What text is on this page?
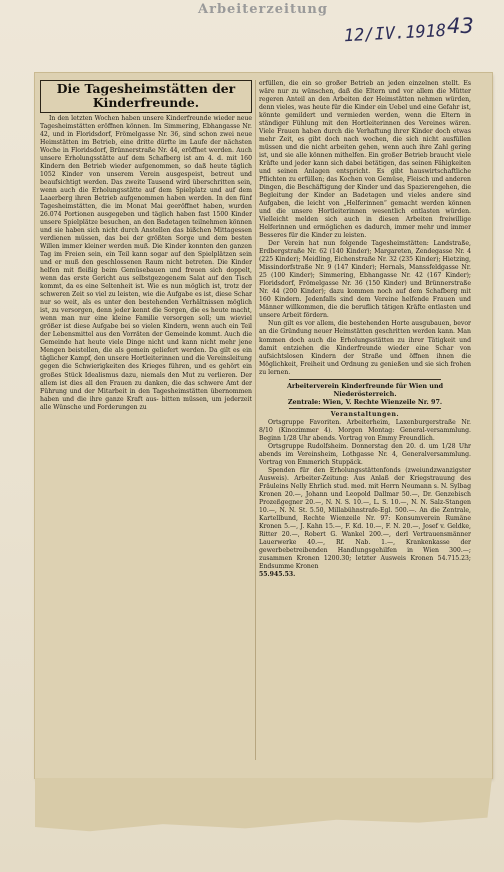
Arbeiterzeitung
12/IV.1918 43
Die Tagesheimstätten der Kinderfreunde.

In den letzten Wochen haben unsere Kinderfreunde wieder neue Tagesheimstätten eröffnen können. Im Simmering, Ebhangasse Nr. 42, und in Floridsdorf, Frömelgasse Nr. 36, sind schon zwei neue Heimstätten im Betrieb, eine dritte dürfte im Laufe der nächsten Woche in Floridsdorf, Brünnerstraße Nr. 44, eröffnet werden. Auch unsere Erholungsstätte auf dem Schafberg ist am 4. d. mit 160 Kindern den Betrieb wieder aufgenommen, so daß heute täglich 1052 Kinder von unserem Verein ausgespeist, betreut und beaufsichtigt werden. Das zweite Tausend wird überschritten sein, wenn auch die Erholungsstätte auf dem Spielplatz und auf dem Laaerberg ihren Betrieb aufgenommen haben werden. In den fünf Tagesheimstätten, die im Monat Mai geeröffnet haben, wurden 26.074 Portionen ausgegeben und täglich haben fast 1500 Kinder unsere Spielplätze besuchen, an den Badetagen teilnehmen können und sie haben sich nicht durch Anstellen das bißchen Mittagessen verdienen müssen, das bei der größten Sorge und dem besten Willen immer kleiner werden muß. Die Kinder konnten den ganzen Tag im Freien sein, ein Teil kann sogar auf den Spielplätzen sein und er muß den geschlossenen Raum nicht betreten. Die Kinder helfen mit fleißig beim Gemüsebauen und freuen sich doppelt, wenn das erste Gericht aus selbstgezogenem Salat auf den Tisch kommt, da es eine Seltenheit ist. Wie es nun möglich ist, trotz der schweren Zeit so viel zu leisten, wie die Aufgabe es ist, diese Schar nur so weit, als es unter den bestehenden Verhältnissen möglich ist, zu versorgen, denn jeder kennt die Sorgen, die es heute macht, wenn man nur eine kleine Familie versorgen soll; um wieviel größer ist diese Aufgabe bei so vielen Kindern, wenn auch ein Teil der Lebensmittel aus den Vorräten der Gemeinde kommt. Auch die Gemeinde hat heute viele Dinge nicht und kann nicht mehr jene Mengen beistellen, die als gemein geliefert werden. Da gilt es ein täglicher Kampf, den unsere Hortleiterinnen und die Vereinsleitung gegen die Schwierigkeiten des Krieges führen, und es gehört ein großes Stück Idealismus dazu, niemals den Mut zu verlieren. Der allem ist dies all den Frauen zu danken, die das schwere Amt der Führung und der Mitarbeit in den Tagesheimstätten übernommen haben und die ihre ganze Kraft aus- bitten müssen, um jederzeit alle Wünsche und Forderungen zu

erfüllen, die ein so großer Betrieb an jeden einzelnen stellt. Es wäre nur zu wünschen, daß die Eltern und vor allem die Mütter regeren Anteil an den Arbeiten der Heimstätten nehmen würden, denn vieles, was heute für die Kinder ein Uebel und eine Gefahr ist, könnte gemildert und vermieden werden, wenn die Eltern in ständiger Fühlung mit den Hortleiterinnen des Vereines wären. Viele Frauen haben durch die Verhaftung ihrer Kinder doch etwas mehr Zeit, es gibt doch nach wochen, die sich nicht ausfüllen müssen und die nicht arbeiten gehen, wenn auch ihre Zahl gering ist, und sie alle können mithelfen. Ein großer Betrieb braucht viele Kräfte und jeder kann sich dabei betätigen, das seinen Fähigkeiten und seinen Anlagen entspricht. Es gibt hauswirtschaftliche Pflichten zu erfüllen; das Kochen von Gemüse, Fleisch und anderen Dingen, die Beschäftigung der Kinder und das Spazierengehen, die Begleitung der Kinder an Badetagen und vieles andere sind Aufgaben, die leicht von „Helferinnen“ gemacht werden können und die unsere Hortleiterinnen wesentlich entlasten würden. Vielleicht melden sich auch in diesen Arbeiten freiwillige Helferinnen und ermöglichen es dadurch, immer mehr und immer Besseres für die Kinder zu leisten.

Der Verein hat nun folgende Tagesheimstätten: Landstraße, Erdbergstraße Nr. 62 (140 Kinder); Margareten, Zendegasse Nr. 4 (225 Kinder); Meidling, Eichenstraße Nr. 32 (235 Kinder); Hietzing, Missindorfstraße Nr. 9 (147 Kinder); Hernals, Manssfeldgasse Nr. 25 (100 Kinder); Simmering, Ebhangasse Nr. 42 (167 Kinder); Floridsdorf, Frömelgasse Nr. 36 (150 Kinder) und Brünnerstraße Nr. 44 (200 Kinder); dazu kommen noch auf dem Schafberg mit 160 Kindern. Jedenfalls sind dem Vereine helfende Frauen und Männer willkommen, die die beruflich tätigen Kräfte entlasten und unsere Arbeit fördern.

Nun gilt es vor allem, die bestehenden Horte ausgubauen, bevor an die Gründung neuer Heimstätten geschritten werden kann. Man kommen doch auch die Erholungsstätten zu ihrer Tätigkeit und damit entziehen die Kinderfreunde wieder eine Schar von aufsichtslosen Kindern der Straße und öffnen ihnen die Möglichkeit, Freiheit und Ordnung zu genießen und sie sich frohen zu lernen.

Arbeiterverein Kinderfreunde für Wien und Niederösterreich.

Zentrale: Wien, V. Rechte Wienzeile Nr. 97.

Veranstaltungen.

Ortsgruppe Favoriten. Arbeiterheim, Laxenburgerstraße Nr. 8/10 (Kinozimmer 4). Morgen Montag: General-versammlung. Beginn 1/28 Uhr abends. Vortrag von Emmy Freundlich.

Ortsgruppe Rudolfsheim. Donnerstag den 20. d. um 1/28 Uhr abends im Vereinsheim, Lothgasse Nr. 4, Generalversammlung. Vortrag von Emmerich Stuppäck.

Spenden für den Erholungsstättenfonds (zweiundzwanzigster Ausweis). Arbeiter-Zeitung: Aus Anlaß der Kriegstrauung des Fräuleins Nelly Ehrlich stud. med. mit Herrn Neumann s. N. Sylbag Kronen 20.—, Johann und Leopold Dallmar 50.—, Dr. Genzebisch Prozeßgegner 20.—, N. N. S. 10.—, L. S. 10.—, N. N. Salz-Stangen 10.—, N. N. St. 5.50, Millabühnstrafe-Egl. 500.—. An die Zentrale, Kartellbund, Rechte Wienzeile Nr. 97: Konsumverein Rumäne Kronen 5.—, J. Kahn 15.—, F. Kd. 10.—, F. N. 20.—, Josef v. Geldke, Ritter 20.—, Robert G. Wankel 200.—, derl Vertrauensmänner Lauerwerke 40.—, Rf. Nab. 1.—, Krankenkasse der gewerbebetreibenden Handlungsgehilfen in Wien 300.—; zusammen Kronen 1200.30; letzter Ausweis Kronen 54.715.23; Endsumme Kronen

55.945.53.
